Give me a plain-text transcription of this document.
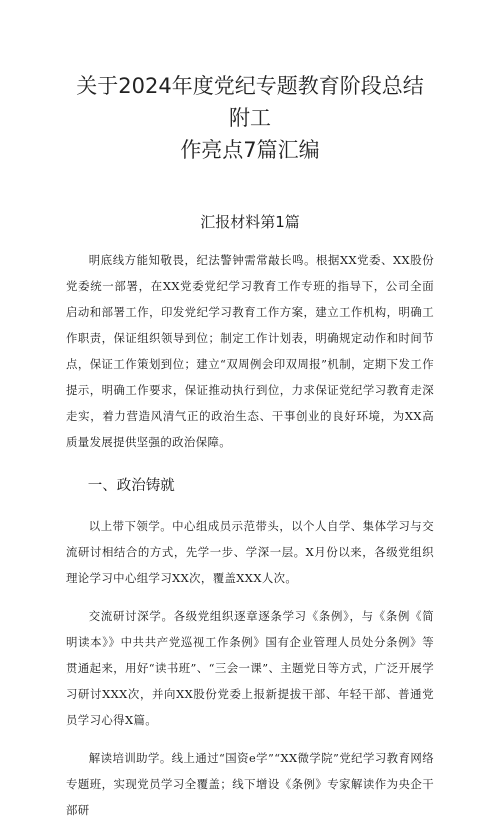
关于2024年度党纪专题教育阶段总结附工
作亮点7篇汇编
汇报材料第1篇

明底线方能知敬畏，纪法警钟需常敲长鸣。根据XX党委、XX股份党委统一部署，在XX党委党纪学习教育工作专班的指导下，公司全面启动和部署工作，印发党纪学习教育工作方案，建立工作机构，明确工作职责，保证组织领导到位；制定工作计划表，明确规定动作和时间节点，保证工作策划到位；建立“双周例会印双周报”机制，定期下发工作提示，明确工作要求，保证推动执行到位，力求保证党纪学习教育走深走实，着力营造风清气正的政治生态、干事创业的良好环境，为XX高质量发展提供坚强的政治保障。

一、政治铸就

以上带下领学。中心组成员示范带头，以个人自学、集体学习与交流研讨相结合的方式，先学一步、学深一层。X月份以来，各级党组织理论学习中心组学习XX次，覆盖XXX人次。

交流研讨深学。各级党组织逐章逐条学习《条例》，与《条例《简明读本》》中共共产党巡视工作条例》国有企业管理人员处分条例》等贯通起来，用好“读书班”、“三会一课”、主题党日等方式，广泛开展学习研讨XXX次，并向XX股份党委上报新提拔干部、年轻干部、普通党员学习心得X篇。

解读培训助学。线上通过“国资e学”“XX微学院”党纪学习教育网络专题班，实现党员学习全覆盖；线下增设《条例》专家解读作为央企干部研
